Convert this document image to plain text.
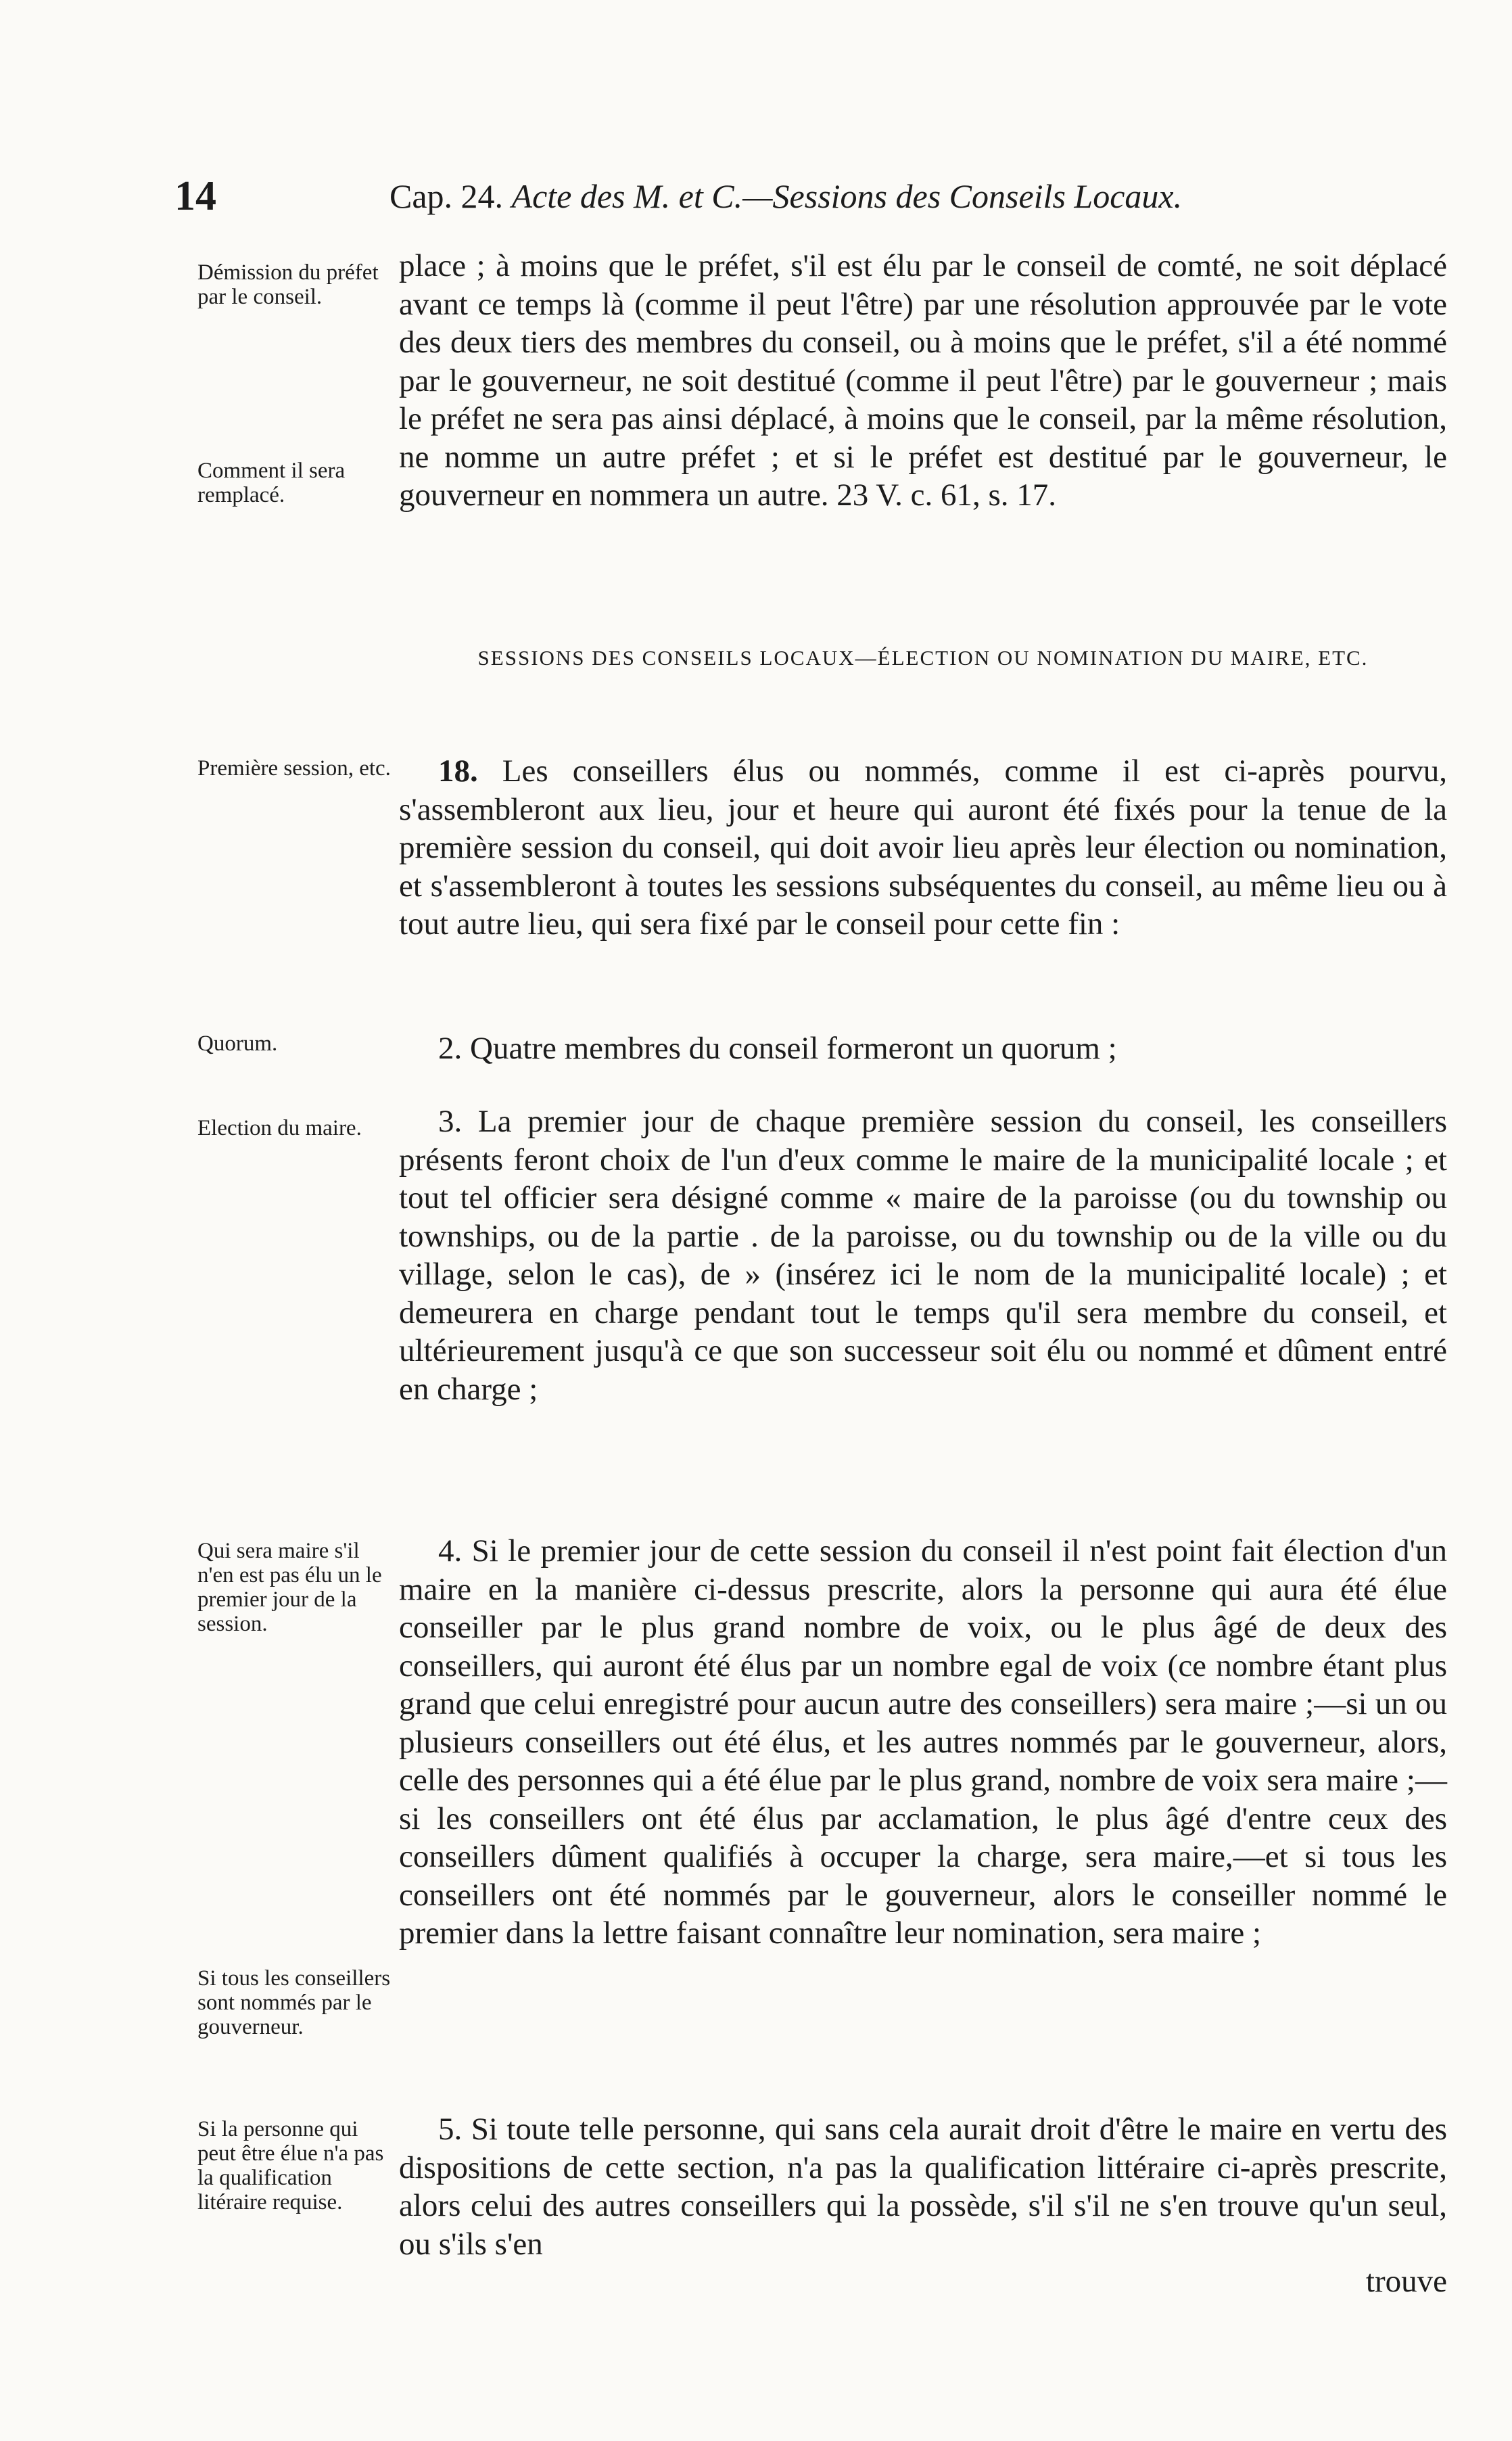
14	Cap. 24. Acte des M. et C.—Sessions des Conseils Locaux.
Démission du préfet par le conseil.
Comment il sera remplacé.
Première session, etc.
Quorum.
Election du maire.
Qui sera maire s'il n'en est pas élu un le premier jour de la session.
Si tous les conseillers sont nommés par le gouverneur.
Si la personne qui peut être élue n'a pas la qualification litéraire requise.
place ; à moins que le préfet, s'il est élu par le conseil de comté, ne soit déplacé avant ce temps là (comme il peut l'être) par une résolution approuvée par le vote des deux tiers des membres du conseil, ou à moins que le préfet, s'il a été nommé par le gouverneur, ne soit destitué (comme il peut l'être) par le gouverneur ; mais le préfet ne sera pas ainsi déplacé, à moins que le conseil, par la même résolution, ne nomme un autre préfet ; et si le préfet est destitué par le gouverneur, le gouverneur en nommera un autre. 23 V. c. 61, s. 17.
SESSIONS DES CONSEILS LOCAUX—ÉLECTION OU NOMINATION DU MAIRE, ETC.
18. Les conseillers élus ou nommés, comme il est ci-après pourvu, s'assembleront aux lieu, jour et heure qui auront été fixés pour la tenue de la première session du conseil, qui doit avoir lieu après leur élection ou nomination, et s'assembleront à toutes les sessions subséquentes du conseil, au même lieu ou à tout autre lieu, qui sera fixé par le conseil pour cette fin :
2. Quatre membres du conseil formeront un quorum ;
3. La premier jour de chaque première session du conseil, les conseillers présents feront choix de l'un d'eux comme le maire de la municipalité locale ; et tout tel officier sera désigné comme « maire de la paroisse (ou du township ou townships, ou de la partie . de la paroisse, ou du township ou de la ville ou du village, selon le cas), de » (insérez ici le nom de la municipalité locale) ; et demeurera en charge pendant tout le temps qu'il sera membre du conseil, et ultérieurement jusqu'à ce que son successeur soit élu ou nommé et dûment entré en charge ;
4. Si le premier jour de cette session du conseil il n'est point fait élection d'un maire en la manière ci-dessus prescrite, alors la personne qui aura été élue conseiller par le plus grand nombre de voix, ou le plus âgé de deux des conseillers, qui auront été élus par un nombre egal de voix (ce nombre étant plus grand que celui enregistré pour aucun autre des conseillers) sera maire ;—si un ou plusieurs conseillers out été élus, et les autres nommés par le gouverneur, alors, celle des personnes qui a été élue par le plus grand, nombre de voix sera maire ;—si les conseillers ont été élus par acclamation, le plus âgé d'entre ceux des conseillers dûment qualifiés à occuper la charge, sera maire,—et si tous les conseillers ont été nommés par le gouverneur, alors le conseiller nommé le premier dans la lettre faisant connaître leur nomination, sera maire ;
5. Si toute telle personne, qui sans cela aurait droit d'être le maire en vertu des dispositions de cette section, n'a pas la qualification littéraire ci-après prescrite, alors celui des autres conseillers qui la possède, s'il s'il ne s'en trouve qu'un seul, ou s'ils s'en
trouve
